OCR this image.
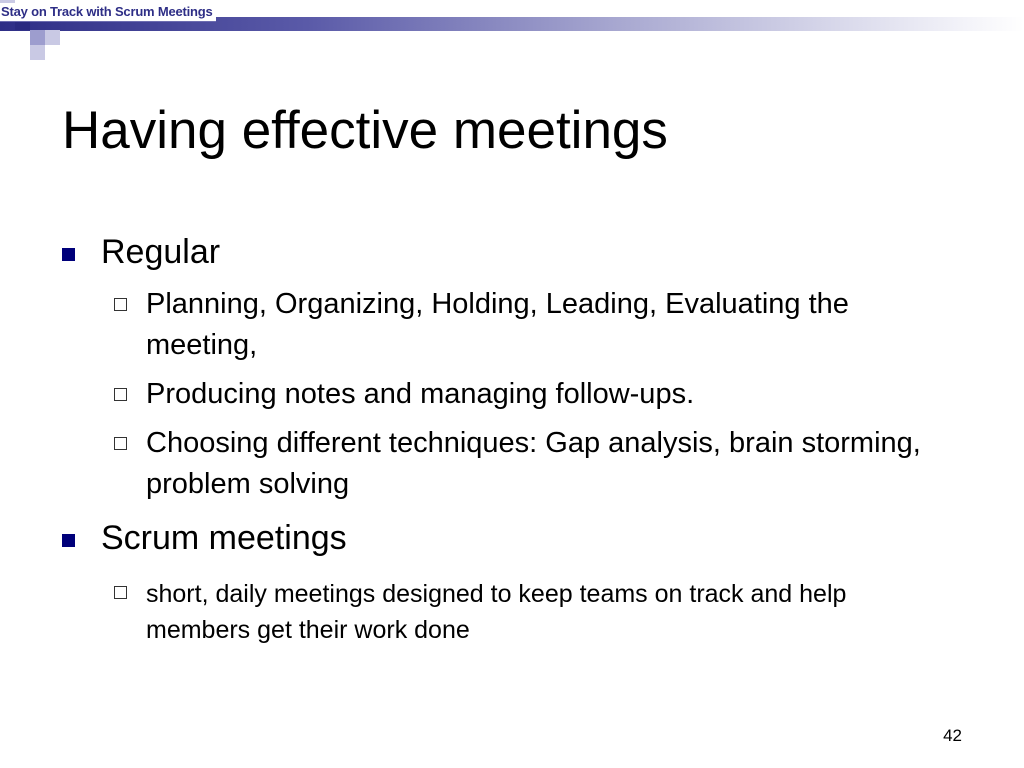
Stay on Track with Scrum Meetings
Having effective meetings
Regular
Planning, Organizing, Holding, Leading, Evaluating the meeting,
Producing notes and managing follow-ups.
Choosing different techniques: Gap analysis, brain storming, problem solving
Scrum meetings
short, daily meetings designed to keep teams on track and help members get their work done
42
